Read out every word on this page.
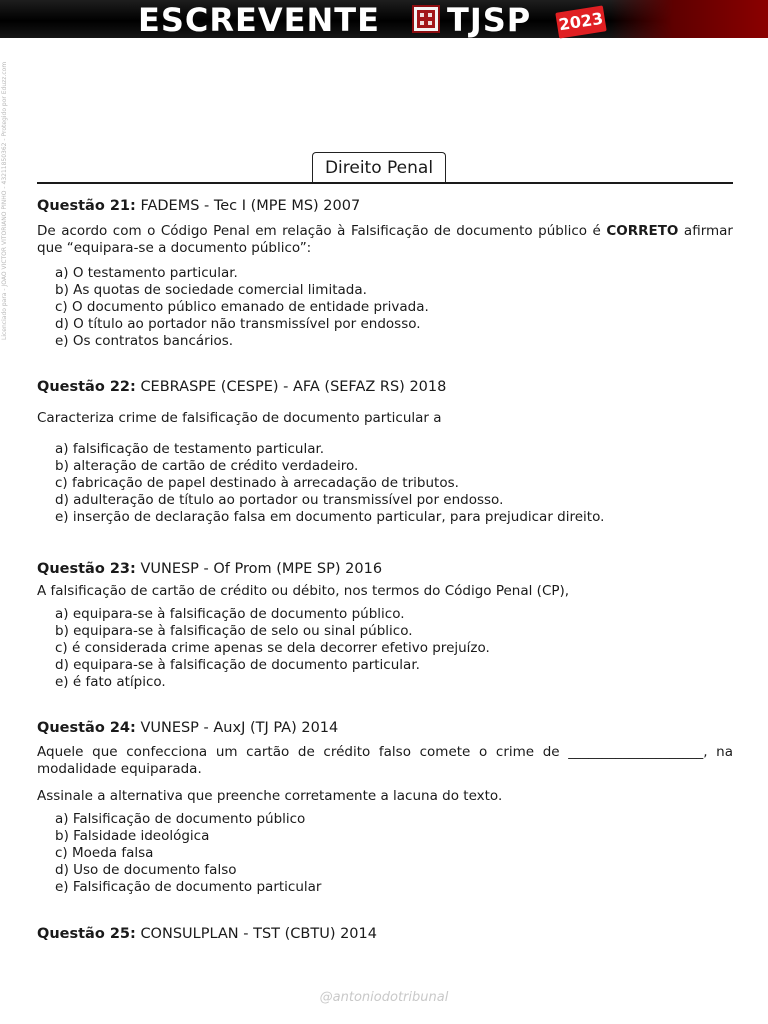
ESCREVENTE TJSP 2023
Licenciado para - JOÃO VICTOR VITORIANO PINHO - 43211850362 - Protegido por Eduzz.com	Direito Penal

Questão 21: FADEMS - Tec I (MPE MS) 2007

De acordo com o Código Penal em relação à Falsificação de documento público é CORRETO afirmar que “equipara-se a documento público”:

a) O testamento particular.
b) As quotas de sociedade comercial limitada.
c) O documento público emanado de entidade privada.
d) O título ao portador não transmissível por endosso.
e) Os contratos bancários.

Questão 22: CEBRASPE (CESPE) - AFA (SEFAZ RS) 2018

Caracteriza crime de falsificação de documento particular a

a) falsificação de testamento particular.
b) alteração de cartão de crédito verdadeiro.
c) fabricação de papel destinado à arrecadação de tributos.
d) adulteração de título ao portador ou transmissível por endosso.
e) inserção de declaração falsa em documento particular, para prejudicar direito.

Questão 23: VUNESP - Of Prom (MPE SP) 2016

A falsificação de cartão de crédito ou débito, nos termos do Código Penal (CP),

a) equipara-se à falsificação de documento público.
b) equipara-se à falsificação de selo ou sinal público.
c) é considerada crime apenas se dela decorrer efetivo prejuízo.
d) equipara-se à falsificação de documento particular.
e) é fato atípico.

Questão 24: VUNESP - AuxJ (TJ PA) 2014

Aquele que confecciona um cartão de crédito falso comete o crime de ____________________, na modalidade equiparada.

Assinale a alternativa que preenche corretamente a lacuna do texto.

a) Falsificação de documento público
b) Falsidade ideológica
c) Moeda falsa
d) Uso de documento falso
e) Falsificação de documento particular

Questão 25: CONSULPLAN - TST (CBTU) 2014

@antoniodotribunal
